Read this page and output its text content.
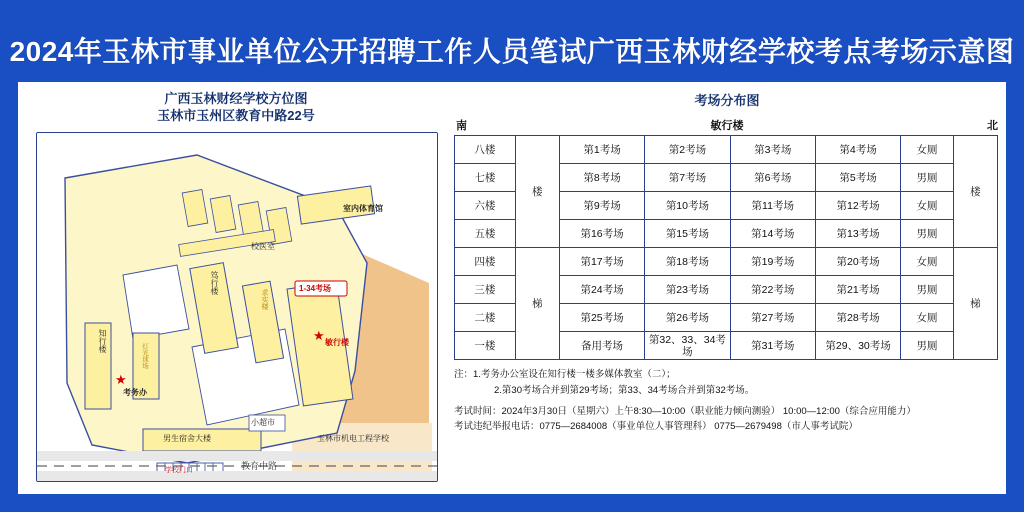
2024年玉林市事业单位公开招聘工作人员笔试广西玉林财经学校考点考场示意图
广西玉林财经学校方位图
玉林市玉州区教育中路22号
室内体育馆
校医室
知行楼
笃行楼
求实楼
1-34考场
敏行楼
考务办
男生宿舍大楼
小超市
玉林市机电工程学校
灯光球场
学校门口	教育中路
★
★
考场分布图
南	敏行楼	北
八楼	楼	第1考场	第2考场	第3考场	第4考场	女厕	楼
七楼		第8考场	第7考场	第6考场	第5考场	男厕	
六楼		第9考场	第10考场	第11考场	第12考场	女厕	
五楼		第16考场	第15考场	第14考场	第13考场	男厕	
四楼	梯	第17考场	第18考场	第19考场	第20考场	女厕	梯
三楼		第24考场	第23考场	第22考场	第21考场	男厕	
二楼		第25考场	第26考场	第27考场	第28考场	女厕	
一楼		备用考场	第32、33、34考场	第31考场	第29、30考场	男厕	
注：1.考务办公室设在知行楼一楼多媒体教室（二）；
2.第30考场合并到第29考场；第33、34考场合并到第32考场。
考试时间：2024年3月30日（星期六）上午8:30—10:00（职业能力倾向测验） 10:00—12:00（综合应用能力）
考试违纪举报电话：0775—2684008（事业单位人事管理科） 0775—2679498（市人事考试院）
